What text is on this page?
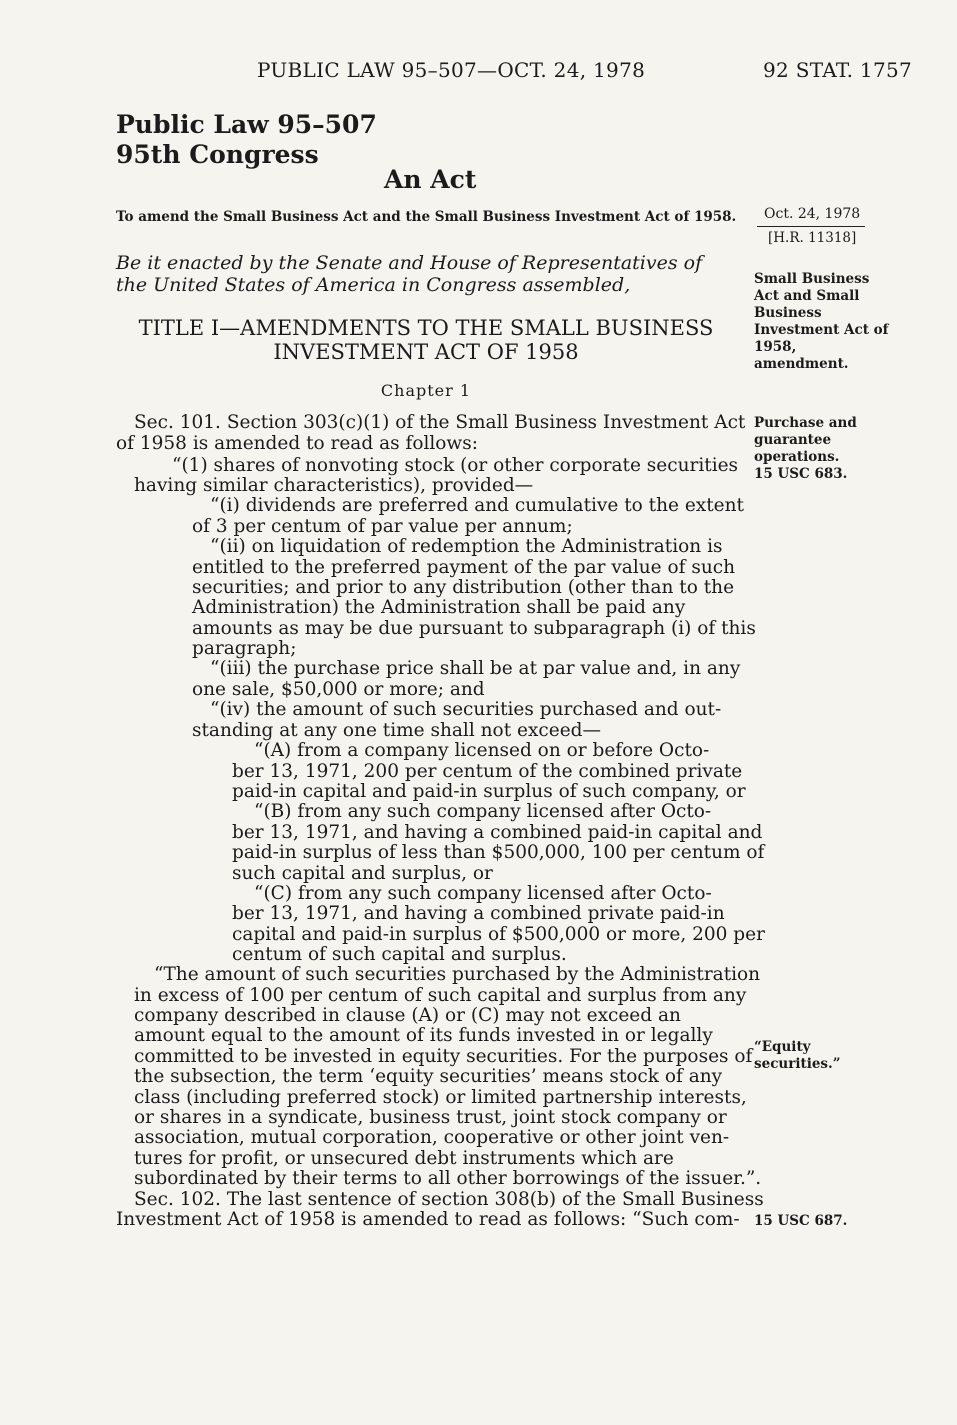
PUBLIC LAW 95–507—OCT. 24, 1978	92 STAT. 1757
Public Law 95–507
95th Congress
An Act
To amend the Small Business Act and the Small Business Investment Act of 1958.
Be it enacted by the Senate and House of Representatives of the United States of America in Congress assembled,
TITLE I—AMENDMENTS TO THE SMALL BUSINESS
INVESTMENT ACT OF 1958
Chapter 1
Sec. 101. Section 303(c)(1) of the Small Business Investment Act
of 1958 is amended to read as follows:
“(1) shares of nonvoting stock (or other corporate securities
having similar characteristics), provided—
“(i) dividends are preferred and cumulative to the extent
of 3 per centum of par value per annum;
“(ii) on liquidation of redemption the Administration is
entitled to the preferred payment of the par value of such
securities; and prior to any distribution (other than to the
Administration) the Administration shall be paid any
amounts as may be due pursuant to subparagraph (i) of this
paragraph;
“(iii) the purchase price shall be at par value and, in any
one sale, $50,000 or more; and
“(iv) the amount of such securities purchased and out-
standing at any one time shall not exceed—
“(A) from a company licensed on or before Octo-
ber 13, 1971, 200 per centum of the combined private
paid-in capital and paid-in surplus of such company, or
“(B) from any such company licensed after Octo-
ber 13, 1971, and having a combined paid-in capital and
paid-in surplus of less than $500,000, 100 per centum of
such capital and surplus, or
“(C) from any such company licensed after Octo-
ber 13, 1971, and having a combined private paid-in
capital and paid-in surplus of $500,000 or more, 200 per
centum of such capital and surplus.
“The amount of such securities purchased by the Administration
in excess of 100 per centum of such capital and surplus from any
company described in clause (A) or (C) may not exceed an
amount equal to the amount of its funds invested in or legally
committed to be invested in equity securities. For the purposes of
the subsection, the term ‘equity securities’ means stock of any
class (including preferred stock) or limited partnership interests,
or shares in a syndicate, business trust, joint stock company or
association, mutual corporation, cooperative or other joint ven-
tures for profit, or unsecured debt instruments which are
subordinated by their terms to all other borrowings of the issuer.”.
Sec. 102. The last sentence of section 308(b) of the Small Business
Investment Act of 1958 is amended to read as follows: “Such com-
Oct. 24, 1978
[H.R. 11318]
Small Business
Act and Small
Business
Investment Act of
1958,
amendment.
Purchase and
guarantee
operations.
15 USC 683.
“Equity
securities.”
15 USC 687.
